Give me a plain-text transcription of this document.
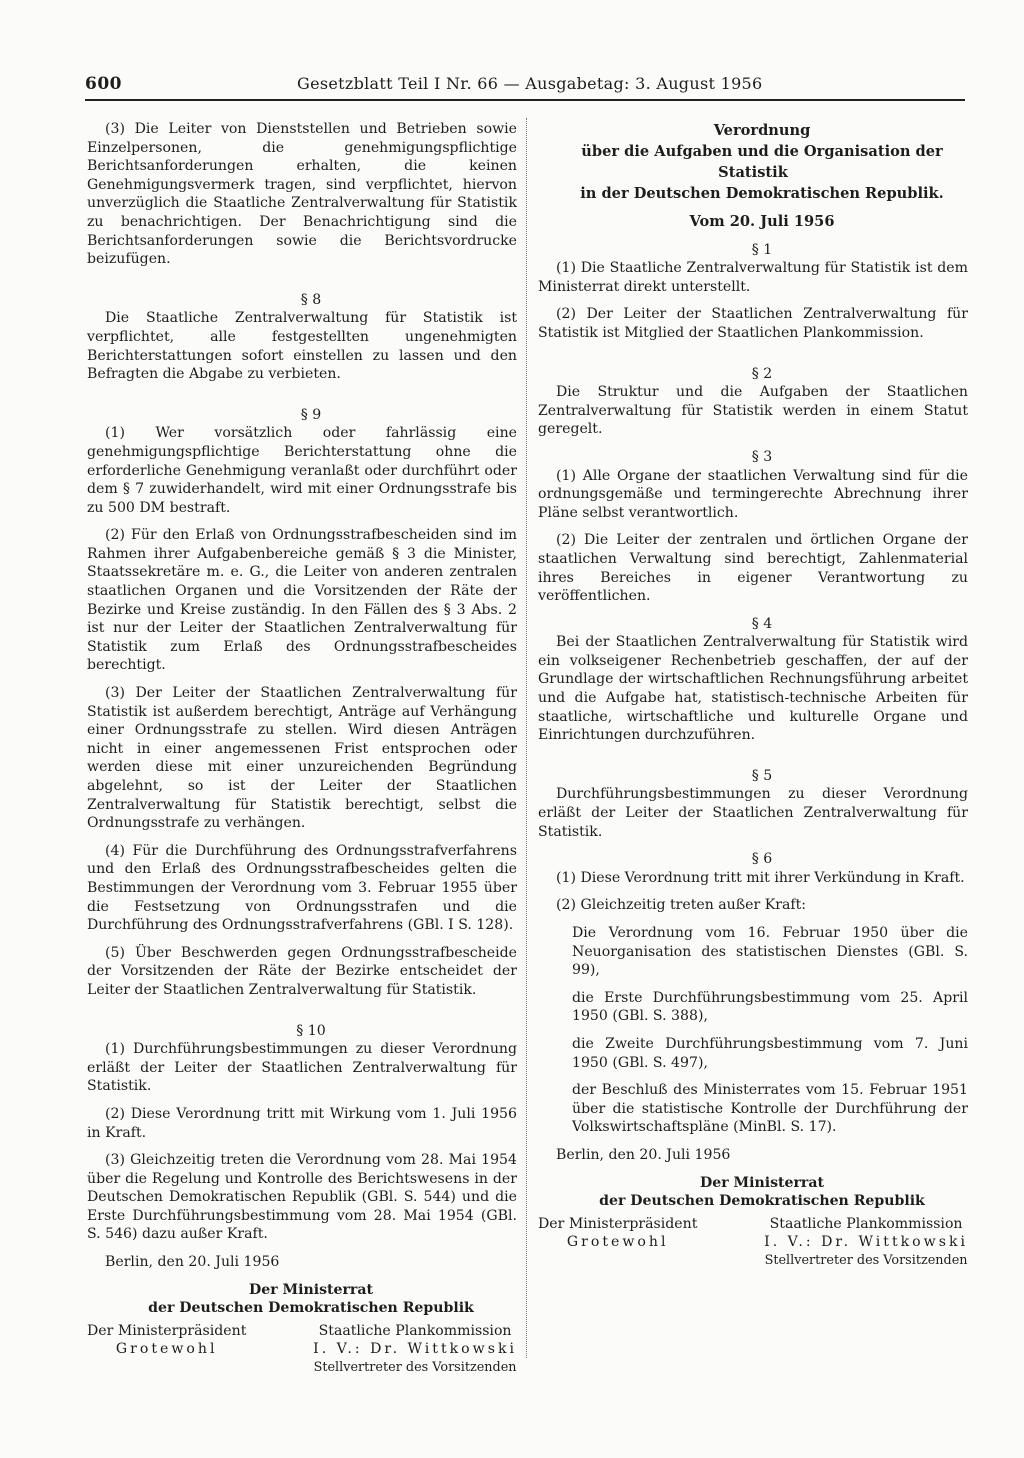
600	Gesetzblatt Teil I Nr. 66 — Ausgabetag: 3. August 1956

(3) Die Leiter von Dienststellen und Betrieben sowie Einzelpersonen, die genehmigungspflichtige Berichtsanforderungen erhalten, die keinen Genehmigungsvermerk tragen, sind verpflichtet, hiervon unverzüglich die Staatliche Zentralverwaltung für Statistik zu benachrichtigen. Der Benachrichtigung sind die Berichtsanforderungen sowie die Berichtsvordrucke beizufügen.

§ 8

Die Staatliche Zentralverwaltung für Statistik ist verpflichtet, alle festgestellten ungenehmigten Berichterstattungen sofort einstellen zu lassen und den Befragten die Abgabe zu verbieten.

§ 9

(1) Wer vorsätzlich oder fahrlässig eine genehmigungspflichtige Berichterstattung ohne die erforderliche Genehmigung veranlaßt oder durchführt oder dem § 7 zuwiderhandelt, wird mit einer Ordnungsstrafe bis zu 500 DM bestraft.

(2) Für den Erlaß von Ordnungsstrafbescheiden sind im Rahmen ihrer Aufgabenbereiche gemäß § 3 die Minister, Staatssekretäre m. e. G., die Leiter von anderen zentralen staatlichen Organen und die Vorsitzenden der Räte der Bezirke und Kreise zuständig. In den Fällen des § 3 Abs. 2 ist nur der Leiter der Staatlichen Zentralverwaltung für Statistik zum Erlaß des Ordnungsstrafbescheides berechtigt.

(3) Der Leiter der Staatlichen Zentralverwaltung für Statistik ist außerdem berechtigt, Anträge auf Verhängung einer Ordnungsstrafe zu stellen. Wird diesen Anträgen nicht in einer angemessenen Frist entsprochen oder werden diese mit einer unzureichenden Begründung abgelehnt, so ist der Leiter der Staatlichen Zentralverwaltung für Statistik berechtigt, selbst die Ordnungsstrafe zu verhängen.

(4) Für die Durchführung des Ordnungsstrafverfahrens und den Erlaß des Ordnungsstrafbescheides gelten die Bestimmungen der Verordnung vom 3. Februar 1955 über die Festsetzung von Ordnungsstrafen und die Durchführung des Ordnungsstrafverfahrens (GBl. I S. 128).

(5) Über Beschwerden gegen Ordnungsstrafbescheide der Vorsitzenden der Räte der Bezirke entscheidet der Leiter der Staatlichen Zentralverwaltung für Statistik.

§ 10

(1) Durchführungsbestimmungen zu dieser Verordnung erläßt der Leiter der Staatlichen Zentralverwaltung für Statistik.

(2) Diese Verordnung tritt mit Wirkung vom 1. Juli 1956 in Kraft.

(3) Gleichzeitig treten die Verordnung vom 28. Mai 1954 über die Regelung und Kontrolle des Berichtswesens in der Deutschen Demokratischen Republik (GBl. S. 544) und die Erste Durchführungsbestimmung vom 28. Mai 1954 (GBl. S. 546) dazu außer Kraft.

Berlin, den 20. Juli 1956

Der Ministerrat

der Deutschen Demokratischen Republik

Der Ministerpräsident
Grotewohl
Staatliche Plankommission
I. V.: Dr. Wittkowski
Stellvertreter des Vorsitzenden

Verordnung

über die Aufgaben und die Organisation der Statistik

in der Deutschen Demokratischen Republik.

Vom 20. Juli 1956

§ 1

(1) Die Staatliche Zentralverwaltung für Statistik ist dem Ministerrat direkt unterstellt.

(2) Der Leiter der Staatlichen Zentralverwaltung für Statistik ist Mitglied der Staatlichen Plankommission.

§ 2

Die Struktur und die Aufgaben der Staatlichen Zentralverwaltung für Statistik werden in einem Statut geregelt.

§ 3

(1) Alle Organe der staatlichen Verwaltung sind für die ordnungsgemäße und termingerechte Abrechnung ihrer Pläne selbst verantwortlich.

(2) Die Leiter der zentralen und örtlichen Organe der staatlichen Verwaltung sind berechtigt, Zahlenmaterial ihres Bereiches in eigener Verantwortung zu veröffentlichen.

§ 4

Bei der Staatlichen Zentralverwaltung für Statistik wird ein volkseigener Rechenbetrieb geschaffen, der auf der Grundlage der wirtschaftlichen Rechnungsführung arbeitet und die Aufgabe hat, statistisch-technische Arbeiten für staatliche, wirtschaftliche und kulturelle Organe und Einrichtungen durchzuführen.

§ 5

Durchführungsbestimmungen zu dieser Verordnung erläßt der Leiter der Staatlichen Zentralverwaltung für Statistik.

§ 6

(1) Diese Verordnung tritt mit ihrer Verkündung in Kraft.

(2) Gleichzeitig treten außer Kraft:

Die Verordnung vom 16. Februar 1950 über die Neuorganisation des statistischen Dienstes (GBl. S. 99),

die Erste Durchführungsbestimmung vom 25. April 1950 (GBl. S. 388),

die Zweite Durchführungsbestimmung vom 7. Juni 1950 (GBl. S. 497),

der Beschluß des Ministerrates vom 15. Februar 1951 über die statistische Kontrolle der Durchführung der Volkswirtschaftspläne (MinBl. S. 17).

Berlin, den 20. Juli 1956

Der Ministerrat

der Deutschen Demokratischen Republik

Der Ministerpräsident
Grotewohl
Staatliche Plankommission
I. V.: Dr. Wittkowski
Stellvertreter des Vorsitzenden
